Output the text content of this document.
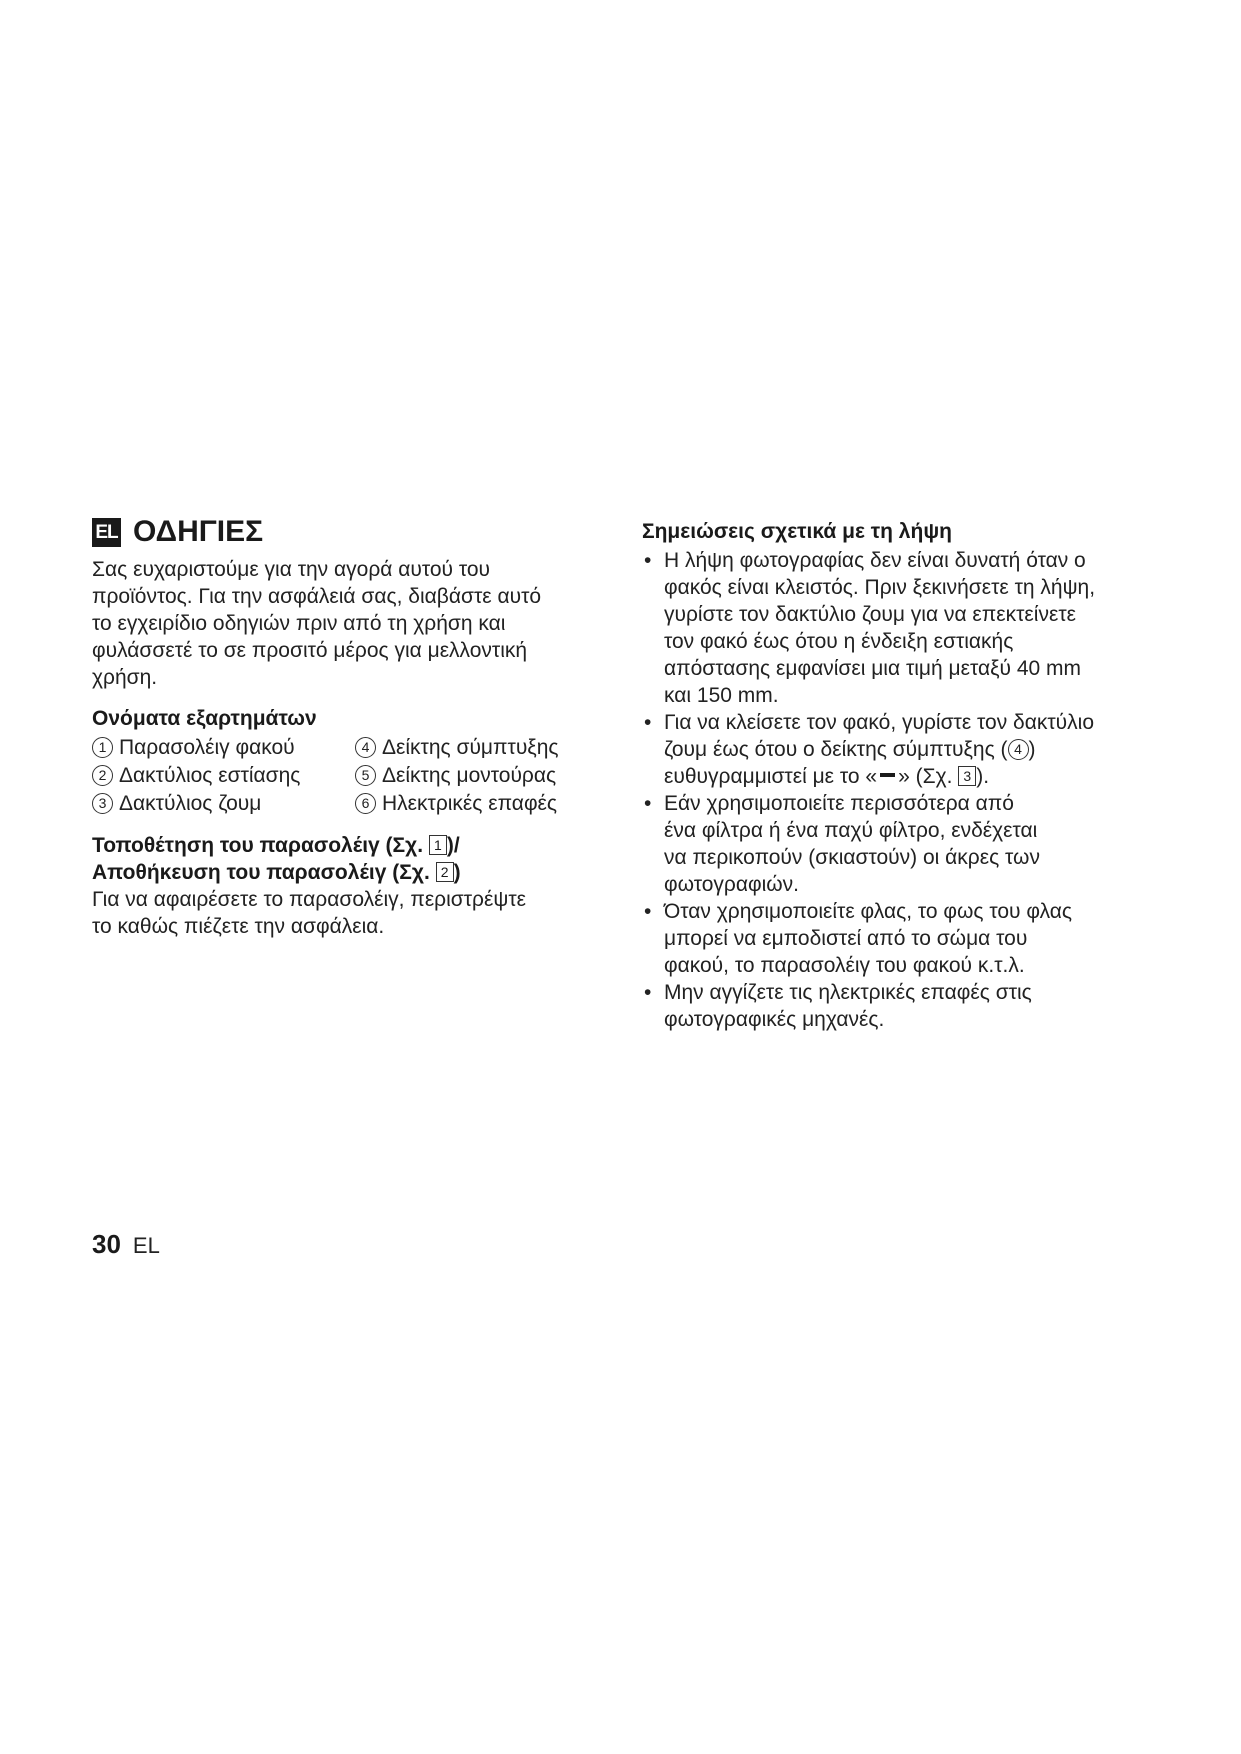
EL ΟΔΗΓΙΕΣ

Σας ευχαριστούμε για την αγορά αυτού του

προϊόντος. Για την ασφάλειά σας, διαβάστε αυτό

το εγχειρίδιο οδηγιών πριν από τη χρήση και

φυλάσσετέ το σε προσιτό μέρος για μελλοντική

χρήση.

Ονόματα εξαρτημάτων

1 Παρασολέιγ φακού	4 Δείκτης σύμπτυξης
2 Δακτύλιος εστίασης	5 Δείκτης μοντούρας
3 Δακτύλιος ζουμ	6 Ηλεκτρικές επαφές

Τοποθέτηση του παρασολέιγ (Σχ. 1 )/

Αποθήκευση του παρασολέιγ (Σχ. 2 )

Για να αφαιρέσετε το παρασολέιγ, περιστρέψτε

το καθώς πιέζετε την ασφάλεια.

Σημειώσεις σχετικά με τη λήψη

• Η λήψη φωτογραφίας δεν είναι δυνατή όταν ο
φακός είναι κλειστός. Πριν ξεκινήσετε τη λήψη,
γυρίστε τον δακτύλιο ζουμ για να επεκτείνετε
τον φακό έως ότου η ένδειξη εστιακής
απόστασης εμφανίσει μια τιμή μεταξύ 40 mm
και 150 mm.
• Για να κλείσετε τον φακό, γυρίστε τον δακτύλιο
ζουμ έως ότου ο δείκτης σύμπτυξης ( 4 )
ευθυγραμμιστεί με το « » (Σχ. 3 ).
• Εάν χρησιμοποιείτε περισσότερα από
ένα φίλτρα ή ένα παχύ φίλτρο, ενδέχεται
να περικοπούν (σκιαστούν) οι άκρες των
φωτογραφιών.
• Όταν χρησιμοποιείτε φλας, το φως του φλας
μπορεί να εμποδιστεί από το σώμα του
φακού, το παρασολέιγ του φακού κ.τ.λ.
• Μην αγγίζετε τις ηλεκτρικές επαφές στις
φωτογραφικές μηχανές.
30 EL
